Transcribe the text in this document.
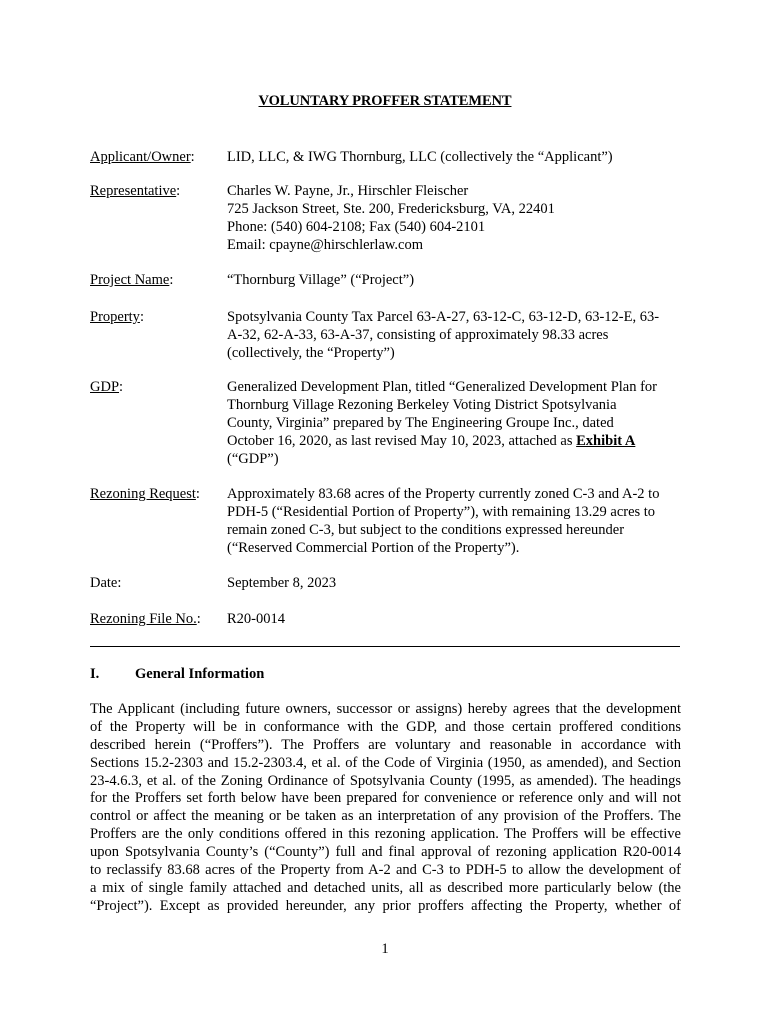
VOLUNTARY PROFFER STATEMENT
Applicant/Owner:	LID, LLC, & IWG Thornburg, LLC (collectively the “Applicant”)
Representative:	Charles W. Payne, Jr., Hirschler Fleischer
725 Jackson Street, Ste. 200, Fredericksburg, VA, 22401
Phone: (540) 604-2108; Fax (540) 604-2101
Email: cpayne@hirschlerlaw.com
Project Name:	“Thornburg Village” (“Project”)
Property:	Spotsylvania County Tax Parcel 63-A-27, 63-12-C, 63-12-D, 63-12-E, 63-
A-32, 62-A-33, 63-A-37, consisting of approximately 98.33 acres
(collectively, the “Property”)
GDP:	Generalized Development Plan, titled “Generalized Development Plan for
Thornburg Village Rezoning Berkeley Voting District Spotsylvania
County, Virginia” prepared by The Engineering Groupe Inc., dated
October 16, 2020, as last revised May 10, 2023, attached as Exhibit A
(“GDP”)
Rezoning Request:	Approximately 83.68 acres of the Property currently zoned C-3 and A-2 to
PDH-5 (“Residential Portion of Property”), with remaining 13.29 acres to
remain zoned C-3, but subject to the conditions expressed hereunder
(“Reserved Commercial Portion of the Property”).
Date:	September 8, 2023
Rezoning File No.:	R20-0014
I.	General Information
The Applicant (including future owners, successor or assigns) hereby agrees that the development
of the Property will be in conformance with the GDP, and those certain proffered conditions
described herein (“Proffers”). The Proffers are voluntary and reasonable in accordance with
Sections 15.2-2303 and 15.2-2303.4, et al. of the Code of Virginia (1950, as amended), and Section
23-4.6.3, et al. of the Zoning Ordinance of Spotsylvania County (1995, as amended). The headings
for the Proffers set forth below have been prepared for convenience or reference only and will not
control or affect the meaning or be taken as an interpretation of any provision of the Proffers. The
Proffers are the only conditions offered in this rezoning application. The Proffers will be effective
upon Spotsylvania County’s (“County”) full and final approval of rezoning application R20-0014
to reclassify 83.68 acres of the Property from A-2 and C-3 to PDH-5 to allow the development of
a mix of single family attached and detached units, all as described more particularly below (the
“Project”). Except as provided hereunder, any prior proffers affecting the Property, whether of
1
